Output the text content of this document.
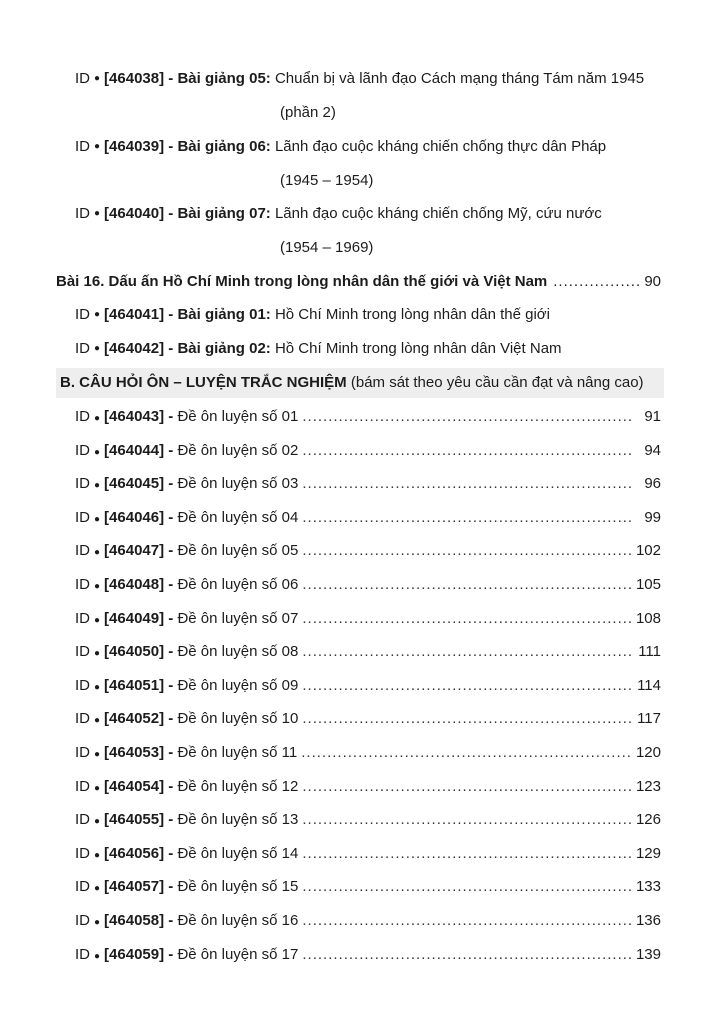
ID ● [464038] - Bài giảng 05: Chuẩn bị và lãnh đạo Cách mạng tháng Tám năm 1945
(phần 2)
ID ● [464039] - Bài giảng 06: Lãnh đạo cuộc kháng chiến chống thực dân Pháp
(1945 – 1954)
ID ● [464040] - Bài giảng 07: Lãnh đạo cuộc kháng chiến chống Mỹ, cứu nước
(1954 – 1969)
Bài 16. Dấu ấn Hồ Chí Minh trong lòng nhân dân thế giới và Việt Nam .....	90
ID ● [464041] - Bài giảng 01: Hồ Chí Minh trong lòng nhân dân thế giới
ID ● [464042] - Bài giảng 02: Hồ Chí Minh trong lòng nhân dân Việt Nam
B. CÂU HỎI ÔN – LUYỆN TRẮC NGHIỆM (bám sát theo yêu cầu cần đạt và nâng cao)
ID ● [464043] - Đề ôn luyện số 01 .....	91
ID ● [464044] - Đề ôn luyện số 02 .....	94
ID ● [464045] - Đề ôn luyện số 03 .....	96
ID ● [464046] - Đề ôn luyện số 04 .....	99
ID ● [464047] - Đề ôn luyện số 05 .....	102
ID ● [464048] - Đề ôn luyện số 06 .....	105
ID ● [464049] - Đề ôn luyện số 07 .....	108
ID ● [464050] - Đề ôn luyện số 08 .....	111
ID ● [464051] - Đề ôn luyện số 09 .....	114
ID ● [464052] - Đề ôn luyện số 10 .....	117
ID ● [464053] - Đề ôn luyện số 11 .....	120
ID ● [464054] - Đề ôn luyện số 12 .....	123
ID ● [464055] - Đề ôn luyện số 13 .....	126
ID ● [464056] - Đề ôn luyện số 14 .....	129
ID ● [464057] - Đề ôn luyện số 15 .....	133
ID ● [464058] - Đề ôn luyện số 16 .....	136
ID ● [464059] - Đề ôn luyện số 17 .....	139
